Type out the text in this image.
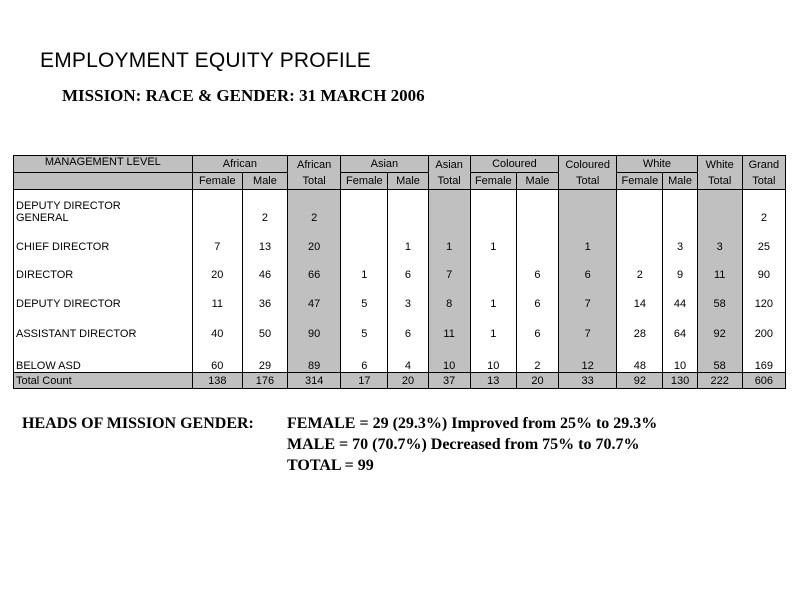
EMPLOYMENT EQUITY PROFILE
MISSION: RACE & GENDER: 31 MARCH 2006
MANAGEMENT LEVEL	African		African Total	Asian		Asian Total	Coloured		Coloured Total	White		White Total	Grand Total
	Female	Male		Female	Male		Female	Male		Female	Male		

DEPUTY DIRECTOR
GENERAL		2	2										2

CHIEF DIRECTOR	7	13	20		1	1	1		1		3	3	25

DIRECTOR	20	46	66	1	6	7		6	6	2	9	11	90

DEPUTY DIRECTOR	11	36	47	5	3	8	1	6	7	14	44	58	120

ASSISTANT DIRECTOR	40	50	90	5	6	11	1	6	7	28	64	92	200

BELOW ASD	60	29	89	6	4	10	10	2	12	48	10	58	169
Total Count	138	176	314	17	20	37	13	20	33	92	130	222	606
HEADS OF MISSION GENDER: FEMALE = 29 (29.3%) Improved from 25% to 29.3%
MALE = 70 (70.7%) Decreased from 75% to 70.7%
TOTAL = 99
